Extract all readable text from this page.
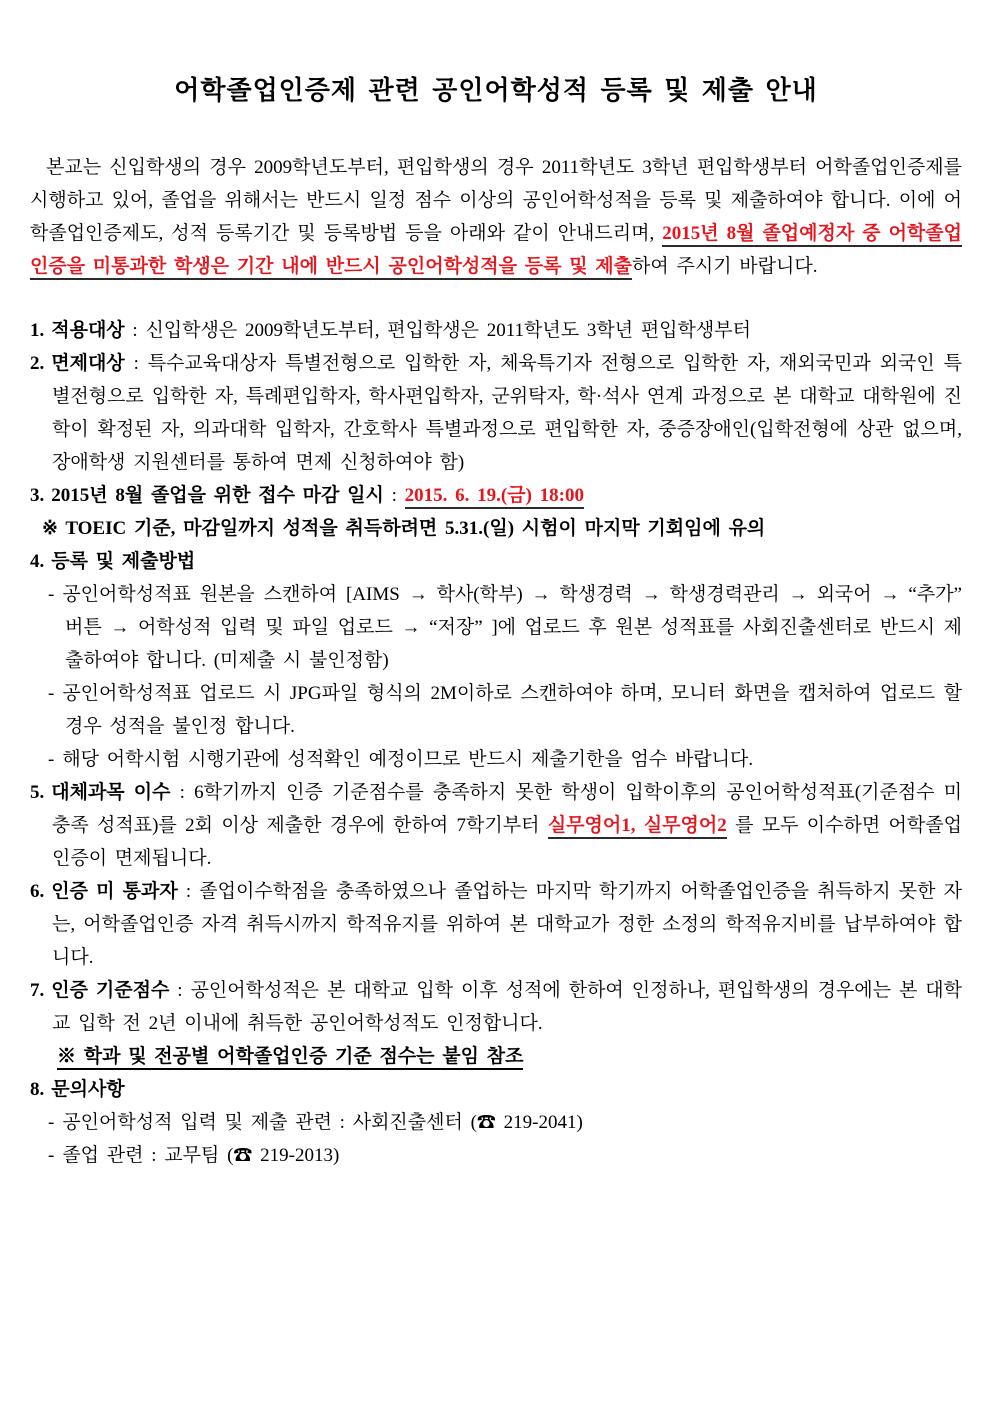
어학졸업인증제 관련 공인어학성적 등록 및 제출 안내

본교는 신입학생의 경우 2009학년도부터, 편입학생의 경우 2011학년도 3학년 편입학생부터 어학졸업인증제를 시행하고 있어, 졸업을 위해서는 반드시 일정 점수 이상의 공인어학성적을 등록 및 제출하여야 합니다. 이에 어학졸업인증제도, 성적 등록기간 및 등록방법 등을 아래와 같이 안내드리며, 2015년 8월 졸업예정자 중 어학졸업인증을 미통과한 학생은 기간 내에 반드시 공인어학성적을 등록 및 제출하여 주시기 바랍니다.

1. 적용대상 : 신입학생은 2009학년도부터, 편입학생은 2011학년도 3학년 편입학생부터
2. 면제대상 : 특수교육대상자 특별전형으로 입학한 자, 체육특기자 전형으로 입학한 자, 재외국민과 외국인 특별전형으로 입학한 자, 특례편입학자, 학사편입학자, 군위탁자, 학·석사 연계 과정으로 본 대학교 대학원에 진학이 확정된 자, 의과대학 입학자, 간호학사 특별과정으로 편입학한 자, 중증장애인(입학전형에 상관 없으며, 장애학생 지원센터를 통하여 면제 신청하여야 함)
3. 2015년 8월 졸업을 위한 접수 마감 일시 : 2015. 6. 19.(금) 18:00
※ TOEIC 기준, 마감일까지 성적을 취득하려면 5.31.(일) 시험이 마지막 기회임에 유의
4. 등록 및 제출방법
- 공인어학성적표 원본을 스캔하여 [AIMS → 학사(학부) → 학생경력 → 학생경력관리 → 외국어 → “추가” 버튼 → 어학성적 입력 및 파일 업로드 → “저장” ]에 업로드 후 원본 성적표를 사회진출센터로 반드시 제출하여야 합니다. (미제출 시 불인정함)
- 공인어학성적표 업로드 시 JPG파일 형식의 2M이하로 스캔하여야 하며, 모니터 화면을 캡처하여 업로드 할 경우 성적을 불인정 합니다.
- 해당 어학시험 시행기관에 성적확인 예정이므로 반드시 제출기한을 엄수 바랍니다.
5. 대체과목 이수 : 6학기까지 인증 기준점수를 충족하지 못한 학생이 입학이후의 공인어학성적표(기준점수 미충족 성적표)를 2회 이상 제출한 경우에 한하여 7학기부터 실무영어1, 실무영어2 를 모두 이수하면 어학졸업인증이 면제됩니다.
6. 인증 미 통과자 : 졸업이수학점을 충족하였으나 졸업하는 마지막 학기까지 어학졸업인증을 취득하지 못한 자는, 어학졸업인증 자격 취득시까지 학적유지를 위하여 본 대학교가 정한 소정의 학적유지비를 납부하여야 합니다.
7. 인증 기준점수 : 공인어학성적은 본 대학교 입학 이후 성적에 한하여 인정하나, 편입학생의 경우에는 본 대학교 입학 전 2년 이내에 취득한 공인어학성적도 인정합니다.
※ 학과 및 전공별 어학졸업인증 기준 점수는 붙임 참조
8. 문의사항
- 공인어학성적 입력 및 제출 관련 : 사회진출센터 (☎ 219-2041)
- 졸업 관련 : 교무팀 (☎ 219-2013)
